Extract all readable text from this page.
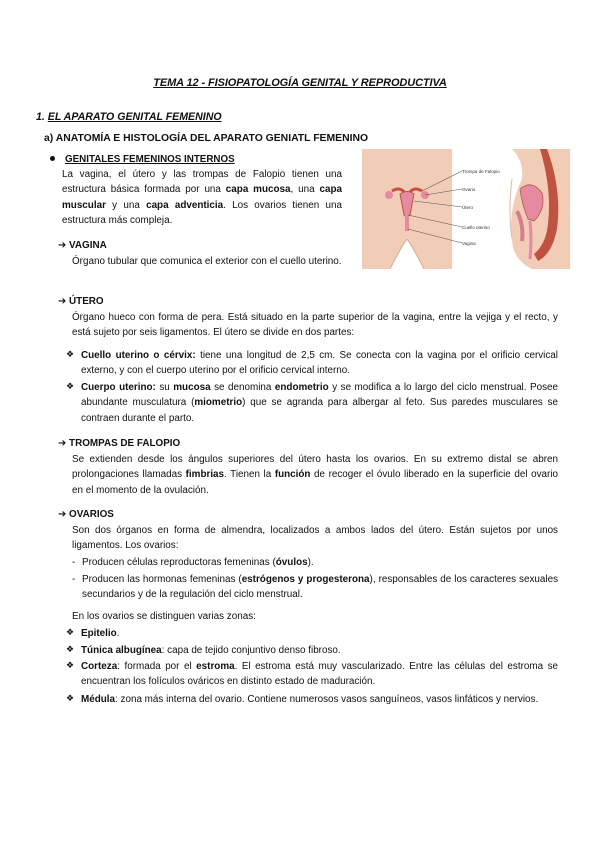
TEMA 12 - FISIOPATOLOGÍA GENITAL Y REPRODUCTIVA
1. EL APARATO GENITAL FEMENINO
a) ANATOMÍA E HISTOLOGÍA DEL APARATO GENIATL FEMENINO
GENITALES FEMENINOS INTERNOS
La vagina, el útero y las trompas de Falopio tienen una estructura básica formada por una capa mucosa, una capa muscular y una capa adventicia. Los ovarios tienen una estructura más compleja.
Trompa de Falopio
Ovario
Útero
Cuello uterino
Vagina
➔ VAGINA
Órgano tubular que comunica el exterior con el cuello uterino.
➔ ÚTERO
Órgano hueco con forma de pera. Está situado en la parte superior de la vagina, entre la vejiga y el recto, y está sujeto por seis ligamentos. El útero se divide en dos partes:
❖ Cuello uterino o cérvix: tiene una longitud de 2,5 cm. Se conecta con la vagina por el orificio cervical externo, y con el cuerpo uterino por el orificio cervical interno.
❖ Cuerpo uterino: su mucosa se denomina endometrio y se modifica a lo largo del ciclo menstrual. Posee abundante musculatura (miometrio) que se agranda para albergar al feto. Sus paredes musculares se contraen durante el parto.
➔ TROMPAS DE FALOPIO
Se extienden desde los ángulos superiores del útero hasta los ovarios. En su extremo distal se abren prolongaciones llamadas fimbrias. Tienen la función de recoger el óvulo liberado en la superficie del ovario en el momento de la ovulación.
➔ OVARIOS
Son dos órganos en forma de almendra, localizados a ambos lados del útero. Están sujetos por unos ligamentos. Los ovarios:
- Producen células reproductoras femeninas (óvulos).
- Producen las hormonas femeninas (estrógenos y progesterona), responsables de los caracteres sexuales secundarios y de la regulación del ciclo menstrual.
En los ovarios se distinguen varias zonas:
❖ Epitelio.
❖ Túnica albugínea: capa de tejido conjuntivo denso fibroso.
❖ Corteza: formada por el estroma. El estroma está muy vascularizado. Entre las células del estroma se encuentran los folículos ováricos en distinto estado de maduración.
❖ Médula: zona más interna del ovario. Contiene numerosos vasos sanguíneos, vasos linfáticos y nervios.
